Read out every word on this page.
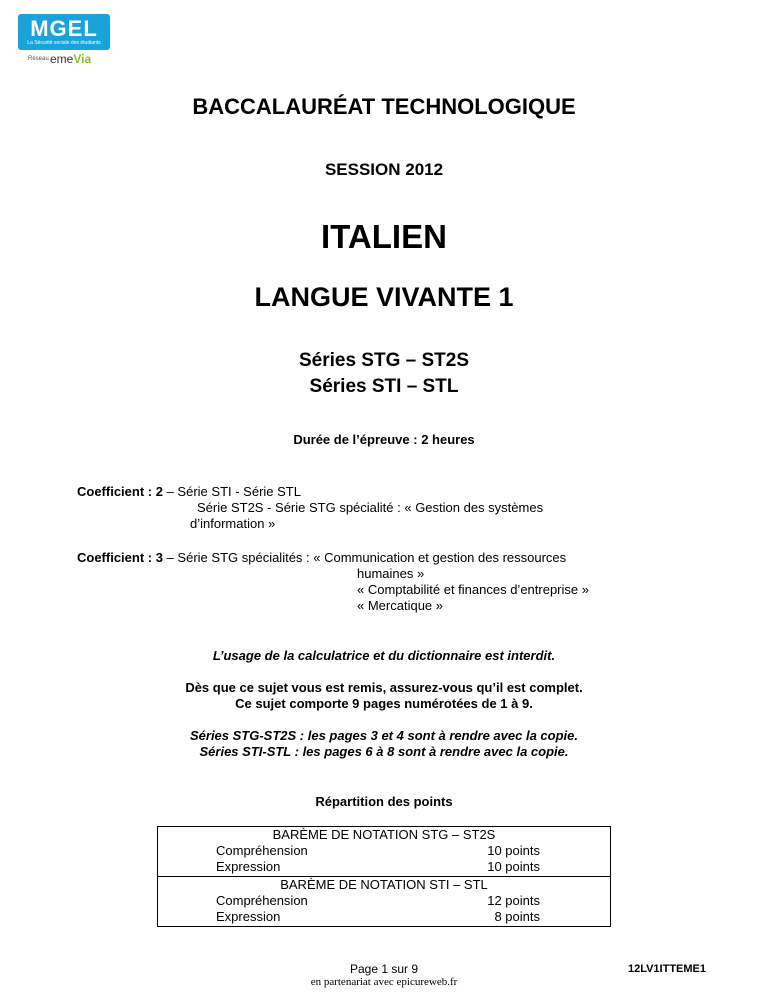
MGEL
La Sécurité sociale des étudiants
Réseau emeVia
BACCALAURÉAT TECHNOLOGIQUE
SESSION 2012
ITALIEN
LANGUE VIVANTE 1
Séries STG – ST2S
Séries STI – STL
Durée de l’épreuve : 2 heures
Coefficient : 2 – Série STI - Série STL
Série ST2S - Série STG spécialité : « Gestion des systèmes
d’information »
Coefficient : 3 – Série STG spécialités : « Communication et gestion des ressources
humaines »
« Comptabilité et finances d’entreprise »
« Mercatique »
L’usage de la calculatrice et du dictionnaire est interdit.
Dès que ce sujet vous est remis, assurez-vous qu’il est complet.
Ce sujet comporte 9 pages numérotées de 1 à 9.
Séries STG-ST2S : les pages 3 et 4 sont à rendre avec la copie.
Séries STI-STL : les pages 6 à 8 sont à rendre avec la copie.
Répartition des points
BARÈME DE NOTATION STG – ST2S
Compréhension	10 points
Expression	10 points
BARÈME DE NOTATION STI – STL
Compréhension	12 points
Expression	8 points
Page 1 sur 9
en partenariat avec epicureweb.fr
12LV1ITTEME1
